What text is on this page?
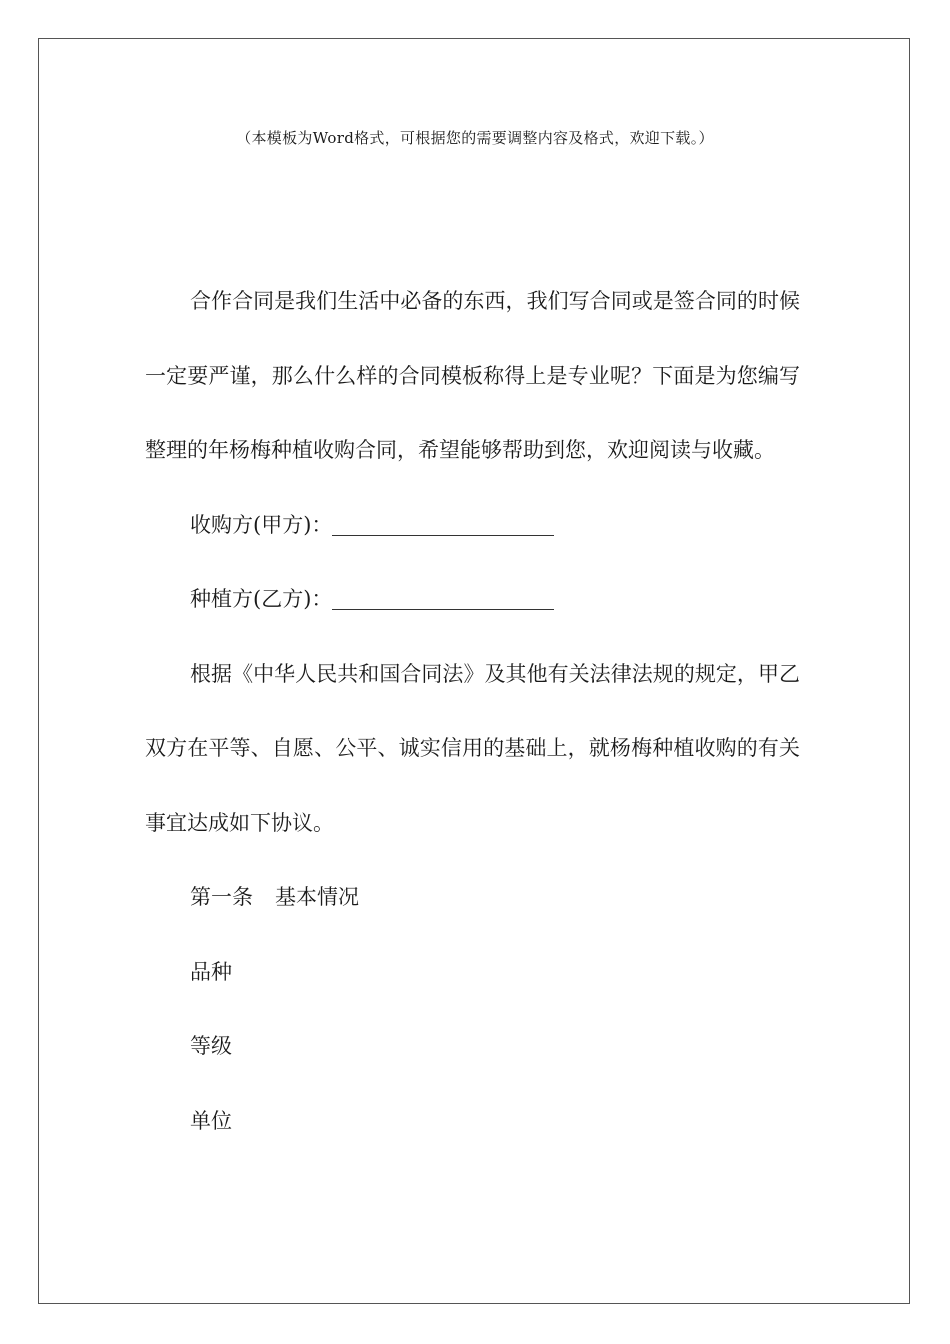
（本模板为Word格式，可根据您的需要调整内容及格式，欢迎下载。）

合作合同是我们生活中必备的东西，我们写合同或是签合同的时候一定要严谨，那么什么样的合同模板称得上是专业呢？下面是为您编写整理的年杨梅种植收购合同，希望能够帮助到您，欢迎阅读与收藏。

收购方(甲方)：

种植方(乙方)：

根据《中华人民共和国合同法》及其他有关法律法规的规定，甲乙双方在平等、自愿、公平、诚实信用的基础上，就杨梅种植收购的有关事宜达成如下协议。

第一条 基本情况

品种

等级

单位
